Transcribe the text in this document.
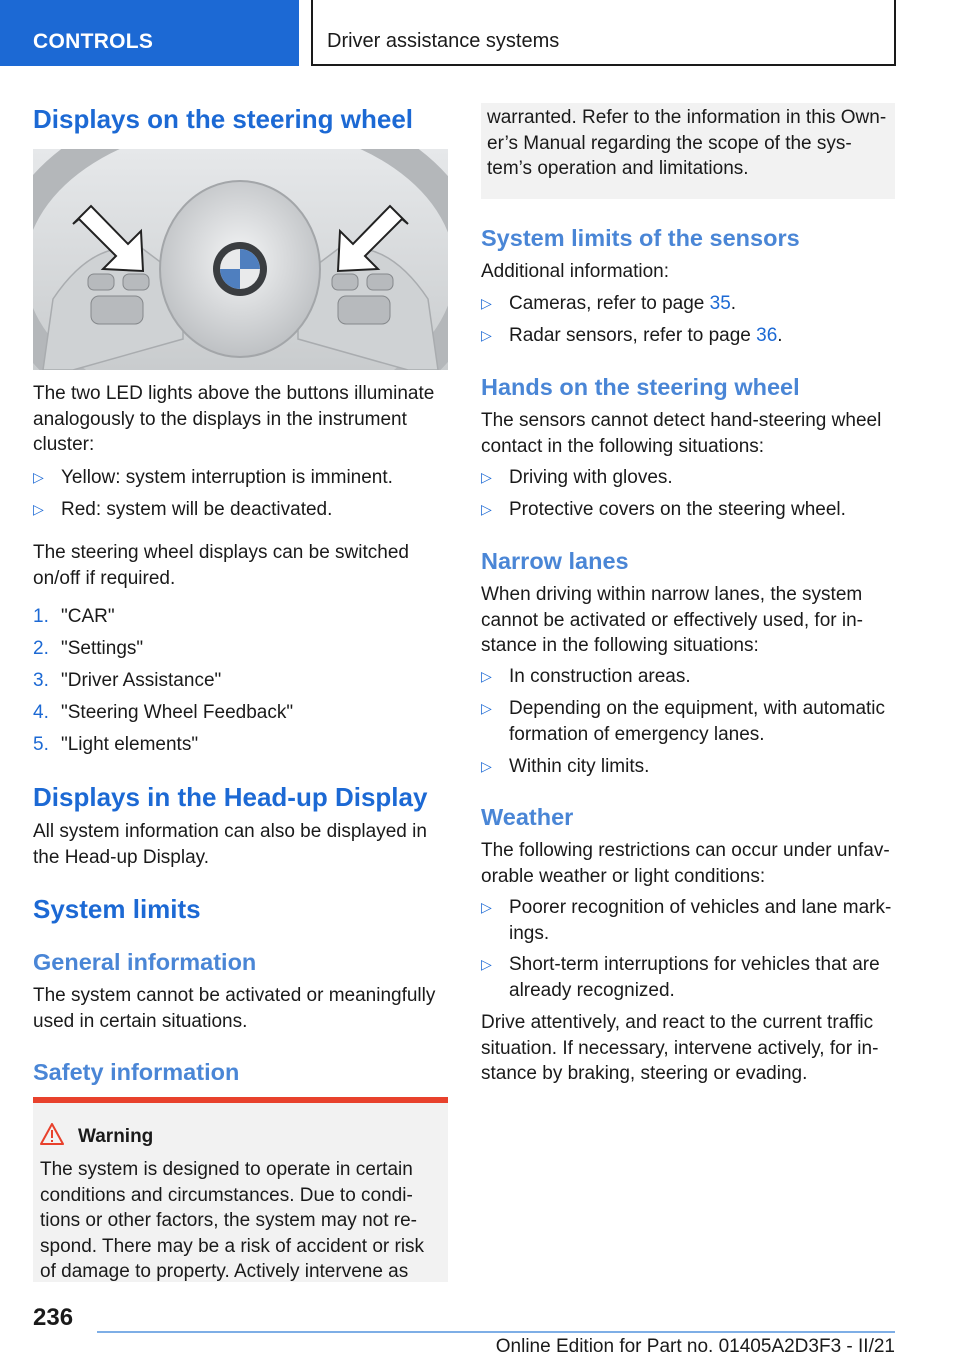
CONTROLS	Driver assistance systems
Displays on the steering wheel
The two LED lights above the buttons illuminate analogously to the displays in the instrument cluster:
▷ Yellow: system interruption is imminent.
▷ Red: system will be deactivated.
The steering wheel displays can be switched on/off if required.
1. "CAR"
2. "Settings"
3. "Driver Assistance"
4. "Steering Wheel Feedback"
5. "Light elements"
Displays in the Head-up Display
All system information can also be displayed in the Head-up Display.
System limits
General information
The system cannot be activated or meaningfully used in certain situations.
Safety information
Warning
The system is designed to operate in certain conditions and circumstances. Due to condi-tions or other factors, the system may not re-spond. There may be a risk of accident or risk of damage to property. Actively intervene as
warranted. Refer to the information in this Own-er’s Manual regarding the scope of the sys-tem’s operation and limitations.
System limits of the sensors
Additional information:
▷ Cameras, refer to page 35.
▷ Radar sensors, refer to page 36.
Hands on the steering wheel
The sensors cannot detect hand-steering wheel contact in the following situations:
▷ Driving with gloves.
▷ Protective covers on the steering wheel.
Narrow lanes
When driving within narrow lanes, the system cannot be activated or effectively used, for in-stance in the following situations:
▷ In construction areas.
▷ Depending on the equipment, with automatic formation of emergency lanes.
▷ Within city limits.
Weather
The following restrictions can occur under unfav-orable weather or light conditions:
▷ Poorer recognition of vehicles and lane mark-ings.
▷ Short-term interruptions for vehicles that are already recognized.
Drive attentively, and react to the current traffic situation. If necessary, intervene actively, for in-stance by braking, steering or evading.
236
Online Edition for Part no. 01405A2D3F3 - II/21
